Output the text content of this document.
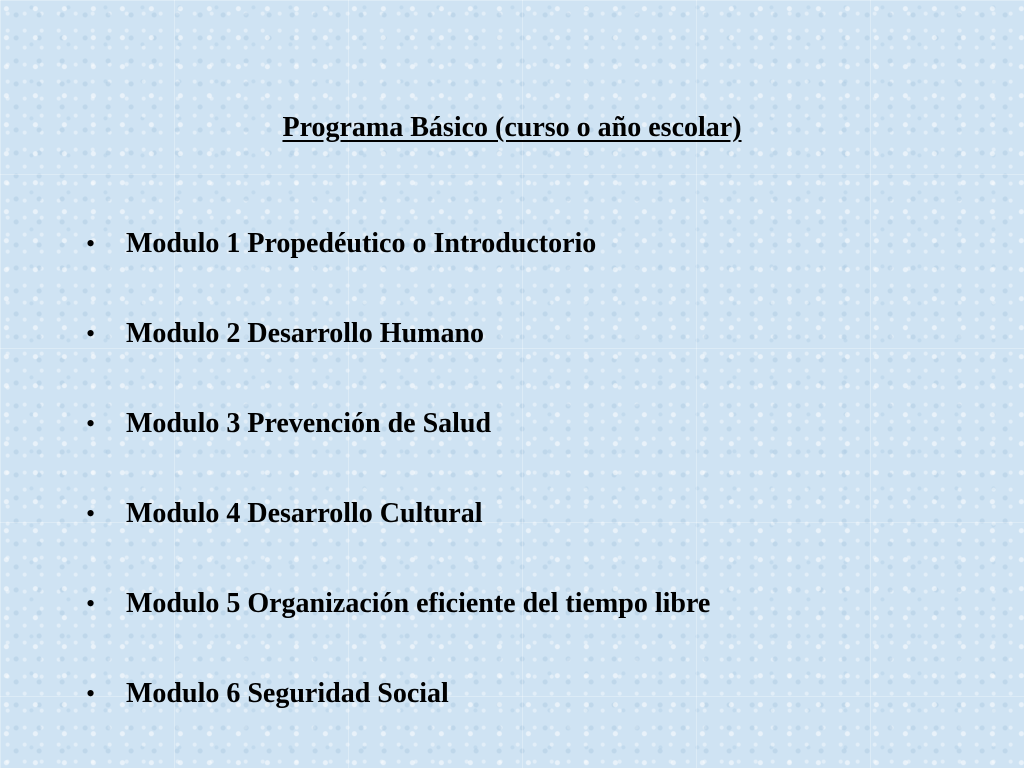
Programa Básico (curso o año escolar)
•	Modulo 1 Propedéutico o Introductorio
•	Modulo 2 Desarrollo Humano
•	Modulo 3 Prevención de Salud
•	Modulo 4 Desarrollo Cultural
•	Modulo 5 Organización eficiente del tiempo libre
•	Modulo 6 Seguridad Social
